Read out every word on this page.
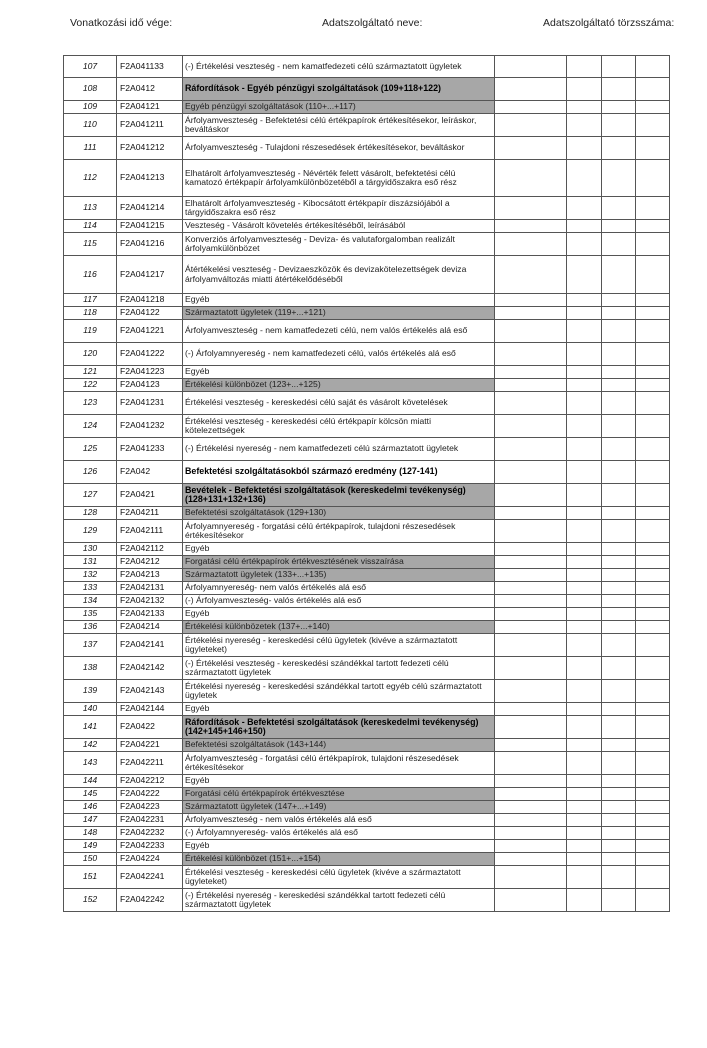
Vonatkozási idő vége:	Adatszolgáltató neve:	Adatszolgáltató törzsszáma:
107	F2A041133	(-) Értékelési veszteség - nem kamatfedezeti célú származtatott ügyletek				
108	F2A0412	Ráfordítások - Egyéb pénzügyi szolgáltatások (109+118+122)				
109	F2A04121	Egyéb pénzügyi szolgáltatások (110+...+117)				
110	F2A041211	Árfolyamveszteség - Befektetési célú értékpapírok értékesítésekor, leíráskor, beváltáskor				
111	F2A041212	Árfolyamveszteség - Tulajdoni részesedések értékesítésekor, beváltáskor				
112	F2A041213	Elhatárolt árfolyamveszteség - Névérték felett vásárolt, befektetési célú kamatozó értékpapír árfolyamkülönbözetéből a tárgyidőszakra eső rész				
113	F2A041214	Elhatárolt árfolyamveszteség - Kibocsátott értékpapír diszázsiójából a tárgyidőszakra eső rész				
114	F2A041215	Veszteség - Vásárolt követelés értékesítéséből, leírásából				
115	F2A041216	Konverziós árfolyamveszteség - Deviza- és valutaforgalomban realizált árfolyamkülönbözet				
116	F2A041217	Átértékelési veszteség - Devizaeszközök és devizakötelezettségek deviza árfolyamváltozás miatti átértékelődéséből				
117	F2A041218	Egyéb				
118	F2A04122	Származtatott ügyletek (119+...+121)				
119	F2A041221	Árfolyamveszteség - nem kamatfedezeti célú, nem valós értékelés alá eső				
120	F2A041222	(-) Árfolyamnyereség - nem kamatfedezeti célú, valós értékelés alá eső				
121	F2A041223	Egyéb				
122	F2A04123	Értékelési különbözet (123+...+125)				
123	F2A041231	Értékelési veszteség - kereskedési célú saját és vásárolt követelések				
124	F2A041232	Értékelési veszteség - kereskedési célú értékpapír kölcsön miatti kötelezettségek				
125	F2A041233	(-) Értékelési nyereség - nem kamatfedezeti célú származtatott ügyletek				
126	F2A042	Befektetési szolgáltatásokból származó eredmény (127-141)				
127	F2A0421	Bevételek - Befektetési szolgáltatások (kereskedelmi tevékenység) (128+131+132+136)				
128	F2A04211	Befektetési szolgáltatások (129+130)				
129	F2A042111	Árfolyamnyereség - forgatási célú értékpapírok, tulajdoni részesedések értékesítésekor				
130	F2A042112	Egyéb				
131	F2A04212	Forgatási célú értékpapírok értékvesztésének visszaírása				
132	F2A04213	Származtatott ügyletek (133+...+135)				
133	F2A042131	Árfolyamnyereség- nem valós értékelés alá eső				
134	F2A042132	(-) Árfolyamveszteség- valós értékelés alá eső				
135	F2A042133	Egyéb				
136	F2A04214	Értékelési különbözetek (137+...+140)				
137	F2A042141	Értékelési nyereség - kereskedési célú ügyletek (kivéve a származtatott ügyleteket)				
138	F2A042142	(-) Értékelési veszteség - kereskedési szándékkal tartott fedezeti célú származtatott ügyletek				
139	F2A042143	Értékelési nyereség - kereskedési szándékkal tartott egyéb célú származtatott ügyletek				
140	F2A042144	Egyéb				
141	F2A0422	Ráfordítások - Befektetési szolgáltatások (kereskedelmi tevékenység) (142+145+146+150)				
142	F2A04221	Befektetési szolgáltatások (143+144)				
143	F2A042211	Árfolyamveszteség - forgatási célú értékpapírok, tulajdoni részesedések értékesítésekor				
144	F2A042212	Egyéb				
145	F2A04222	Forgatási célú értékpapírok értékvesztése				
146	F2A04223	Származtatott ügyletek (147+...+149)				
147	F2A042231	Árfolyamveszteség - nem valós értékelés alá eső				
148	F2A042232	(-) Árfolyamnyereség- valós értékelés alá eső				
149	F2A042233	Egyéb				
150	F2A04224	Értékelési különbözet (151+...+154)				
151	F2A042241	Értékelési veszteség - kereskedési célú ügyletek (kivéve a származtatott ügyleteket)				
152	F2A042242	(-) Értékelési nyereség - kereskedési szándékkal tartott fedezeti célú származtatott ügyletek				
